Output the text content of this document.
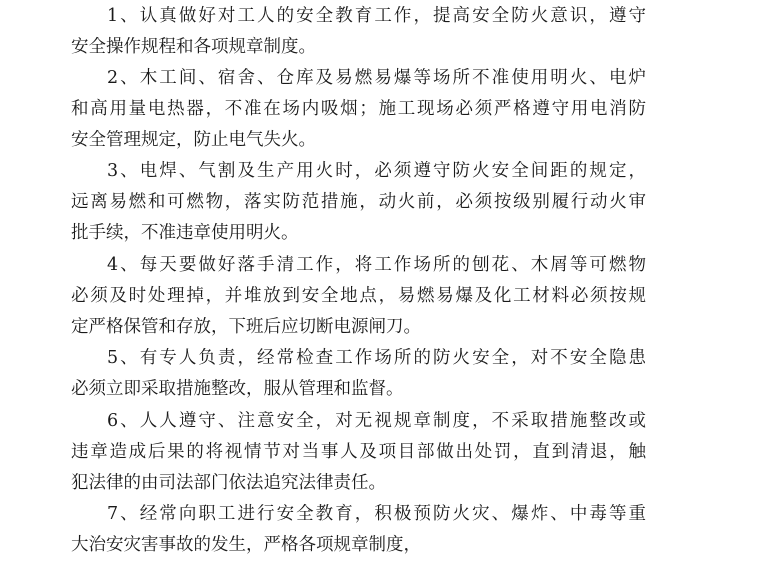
1、认真做好对工人的安全教育工作，提高安全防火意识，遵守
安全操作规程和各项规章制度。
2、木工间、宿舍、仓库及易燃易爆等场所不准使用明火、电炉
和高用量电热器，不准在场内吸烟；施工现场必须严格遵守用电消防
安全管理规定，防止电气失火。
3、电焊、气割及生产用火时，必须遵守防火安全间距的规定，
远离易燃和可燃物，落实防范措施，动火前，必须按级别履行动火审
批手续，不准违章使用明火。
4、每天要做好落手清工作，将工作场所的刨花、木屑等可燃物
必须及时处理掉，并堆放到安全地点，易燃易爆及化工材料必须按规
定严格保管和存放，下班后应切断电源闸刀。
5、有专人负责，经常检查工作场所的防火安全，对不安全隐患
必须立即采取措施整改，服从管理和监督。
6、人人遵守、注意安全，对无视规章制度，不采取措施整改或
违章造成后果的将视情节对当事人及项目部做出处罚，直到清退，触
犯法律的由司法部门依法追究法律责任。
7、经常向职工进行安全教育，积极预防火灾、爆炸、中毒等重
大治安灾害事故的发生，严格各项规章制度，
